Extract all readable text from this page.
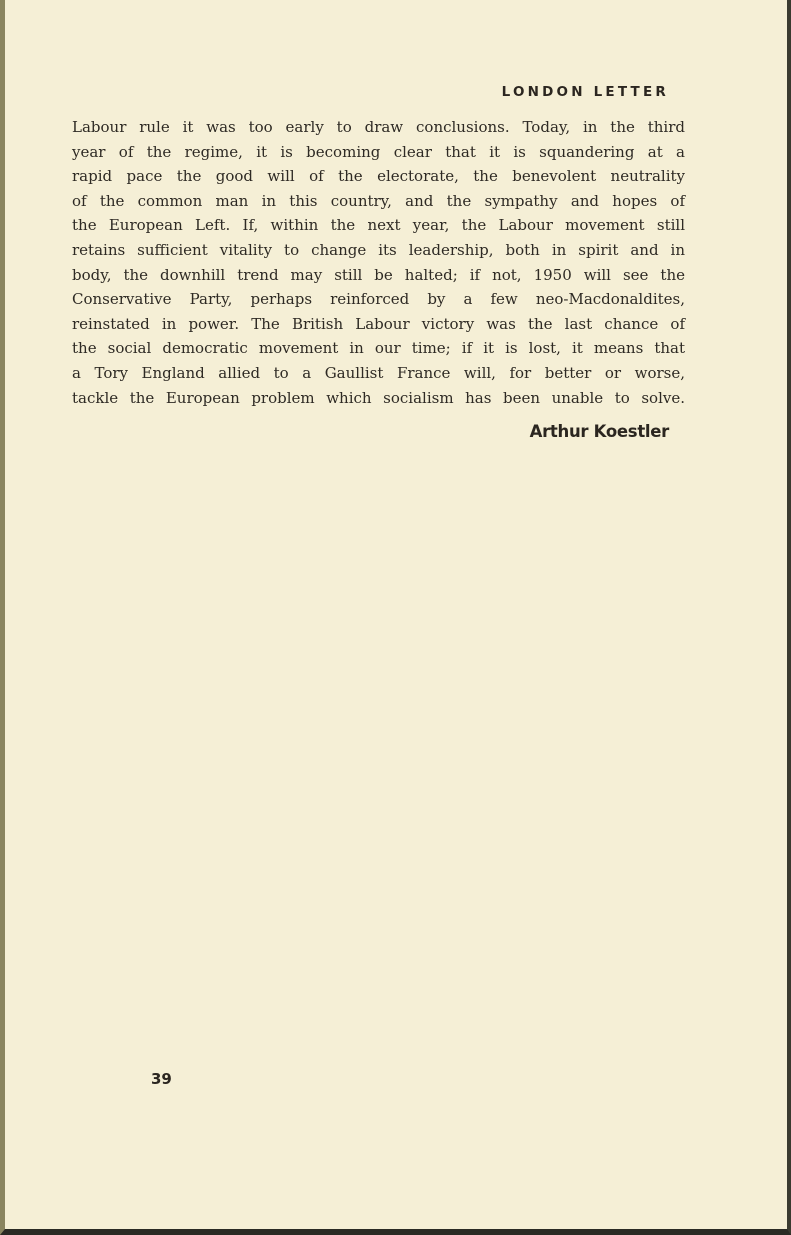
LONDON LETTER
Labour rule it was too early to draw conclusions. Today, in the third
year of the regime, it is becoming clear that it is squandering at a
rapid pace the good will of the electorate, the benevolent neutrality
of the common man in this country, and the sympathy and hopes of
the European Left. If, within the next year, the Labour movement still
retains sufficient vitality to change its leadership, both in spirit and in
body, the downhill trend may still be halted; if not, 1950 will see the
Conservative Party, perhaps reinforced by a few neo-Macdonaldites,
reinstated in power. The British Labour victory was the last chance of
the social democratic movement in our time; if it is lost, it means that
a Tory England allied to a Gaullist France will, for better or worse,
tackle the European problem which socialism has been unable to solve.
Arthur Koestler
39
